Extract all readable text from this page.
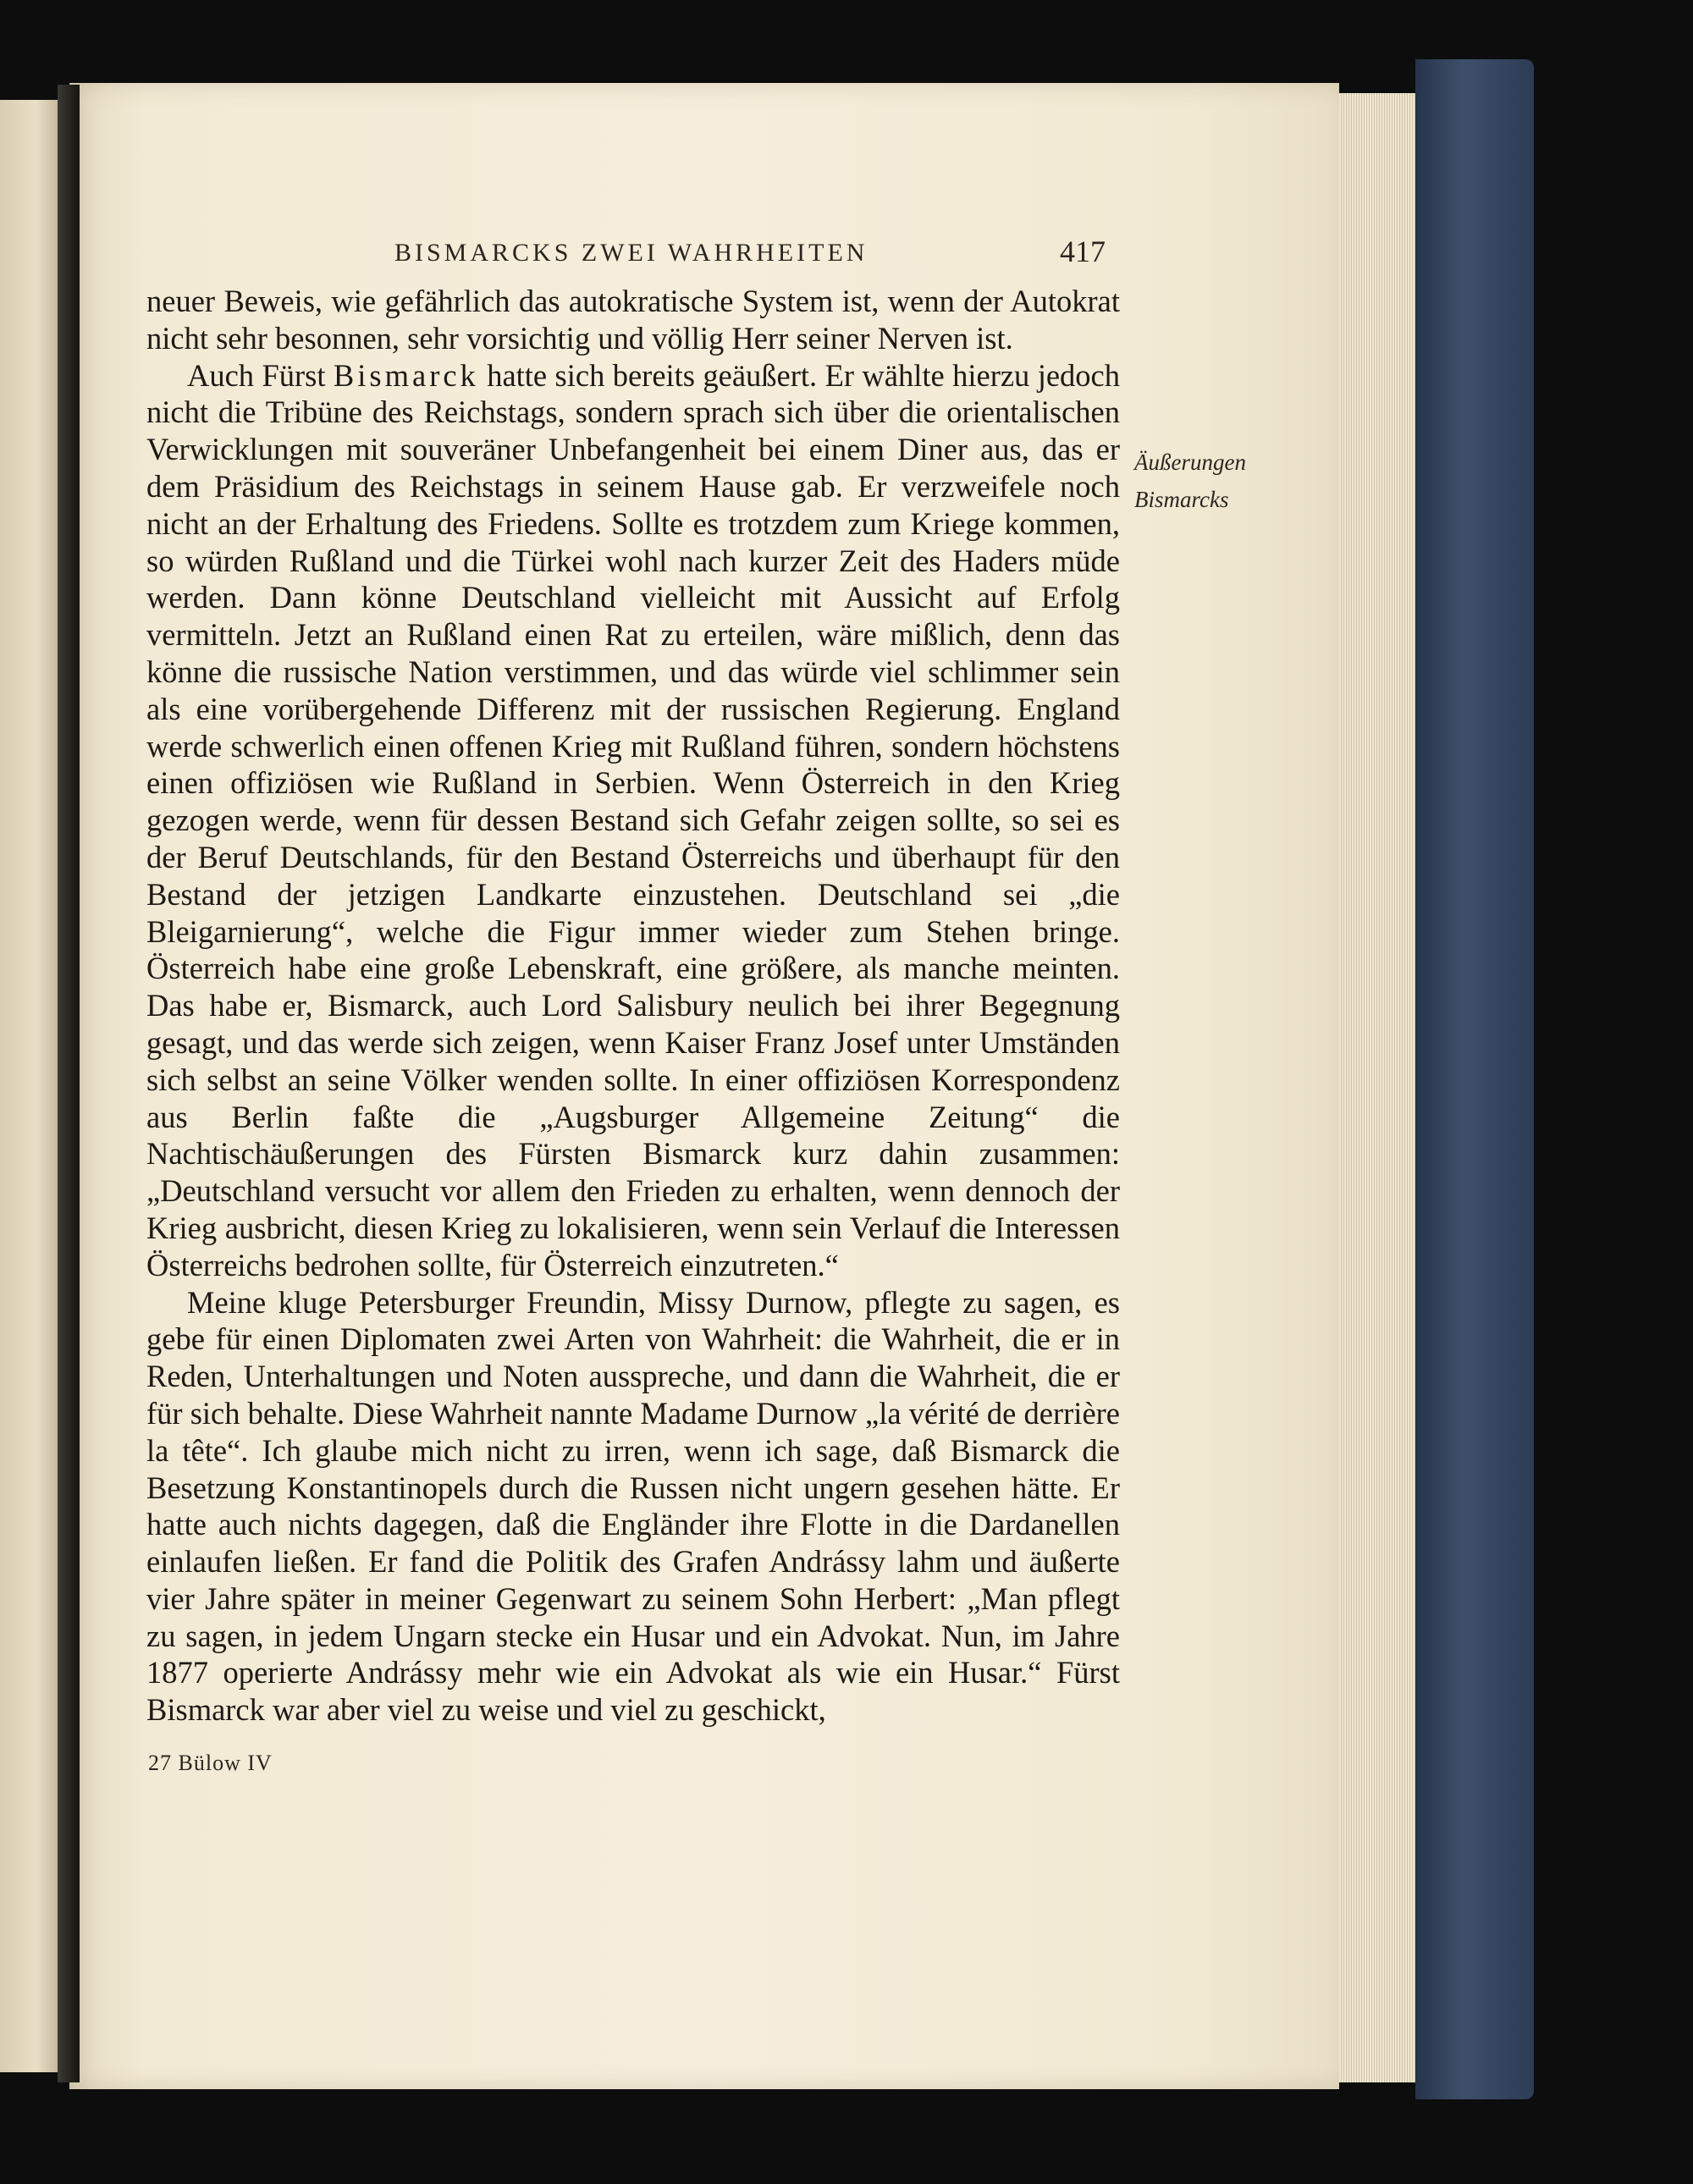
BISMARCKS ZWEI WAHRHEITEN	417
Äußerungen
Bismarcks

neuer Beweis, wie gefährlich das autokratische System ist, wenn der Autokrat nicht sehr besonnen, sehr vorsichtig und völlig Herr seiner Nerven ist.

Auch Fürst Bismarck hatte sich bereits geäußert. Er wählte hierzu jedoch nicht die Tribüne des Reichstags, sondern sprach sich über die orientalischen Verwicklungen mit souveräner Unbefangenheit bei einem Diner aus, das er dem Präsidium des Reichstags in seinem Hause gab. Er verzweifele noch nicht an der Erhaltung des Friedens. Sollte es trotzdem zum Kriege kommen, so würden Rußland und die Türkei wohl nach kurzer Zeit des Haders müde werden. Dann könne Deutschland vielleicht mit Aussicht auf Erfolg vermitteln. Jetzt an Rußland einen Rat zu erteilen, wäre mißlich, denn das könne die russische Nation verstimmen, und das würde viel schlimmer sein als eine vorübergehende Differenz mit der russischen Regierung. England werde schwerlich einen offenen Krieg mit Rußland führen, sondern höchstens einen offiziösen wie Rußland in Serbien. Wenn Österreich in den Krieg gezogen werde, wenn für dessen Bestand sich Gefahr zeigen sollte, so sei es der Beruf Deutschlands, für den Bestand Österreichs und überhaupt für den Bestand der jetzigen Landkarte einzustehen. Deutschland sei „die Bleigarnierung“, welche die Figur immer wieder zum Stehen bringe. Österreich habe eine große Lebenskraft, eine größere, als manche meinten. Das habe er, Bismarck, auch Lord Salisbury neulich bei ihrer Begegnung gesagt, und das werde sich zeigen, wenn Kaiser Franz Josef unter Umständen sich selbst an seine Völker wenden sollte. In einer offiziösen Korrespondenz aus Berlin faßte die „Augsburger Allgemeine Zeitung“ die Nachtischäußerungen des Fürsten Bismarck kurz dahin zusammen: „Deutschland versucht vor allem den Frieden zu erhalten, wenn dennoch der Krieg ausbricht, diesen Krieg zu lokalisieren, wenn sein Verlauf die Interessen Österreichs bedrohen sollte, für Österreich einzutreten.“

Meine kluge Petersburger Freundin, Missy Durnow, pflegte zu sagen, es gebe für einen Diplomaten zwei Arten von Wahrheit: die Wahrheit, die er in Reden, Unterhaltungen und Noten ausspreche, und dann die Wahrheit, die er für sich behalte. Diese Wahrheit nannte Madame Durnow „la vérité de derrière la tête“. Ich glaube mich nicht zu irren, wenn ich sage, daß Bismarck die Besetzung Konstantinopels durch die Russen nicht ungern gesehen hätte. Er hatte auch nichts dagegen, daß die Engländer ihre Flotte in die Dardanellen einlaufen ließen. Er fand die Politik des Grafen Andrássy lahm und äußerte vier Jahre später in meiner Gegenwart zu seinem Sohn Herbert: „Man pflegt zu sagen, in jedem Ungarn stecke ein Husar und ein Advokat. Nun, im Jahre 1877 operierte Andrássy mehr wie ein Advokat als wie ein Husar.“ Fürst Bismarck war aber viel zu weise und viel zu geschickt,

27 Bülow IV
